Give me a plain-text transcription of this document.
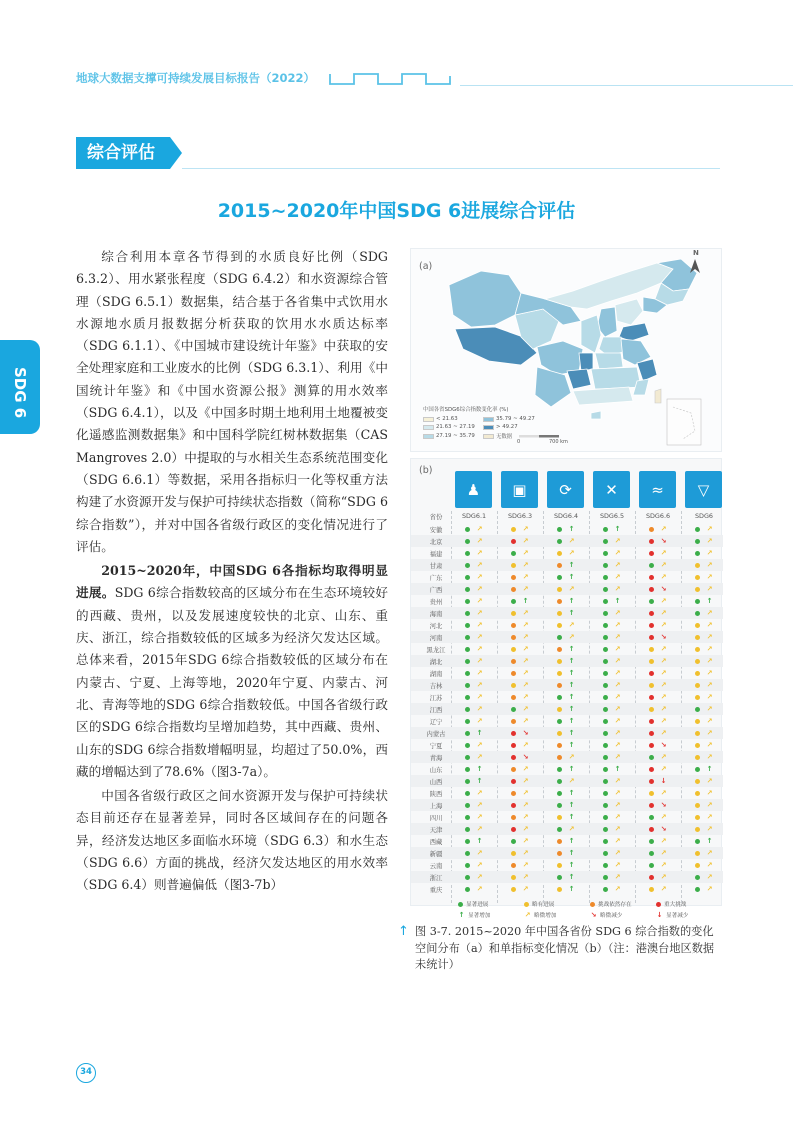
地球大数据支撑可持续发展目标报告（2022）
综合评估
SDG 6
2015~2020年中国SDG 6进展综合评估

综合利用本章各节得到的水质良好比例（SDG 6.3.2）、用水紧张程度（SDG 6.4.2）和水资源综合管理（SDG 6.5.1）数据集，结合基于各省集中式饮用水水源地水质月报数据分析获取的饮用水水质达标率（SDG 6.1.1）、《中国城市建设统计年鉴》中获取的安全处理家庭和工业废水的比例（SDG 6.3.1）、利用《中国统计年鉴》和《中国水资源公报》测算的用水效率（SDG 6.4.1），以及《中国多时期土地利用土地覆被变化遥感监测数据集》和中国科学院红树林数据集（CAS Mangroves 2.0）中提取的与水相关生态系统范围变化（SDG 6.6.1）等数据，采用各指标归一化等权重方法构建了水资源开发与保护可持续状态指数（简称“SDG 6综合指数”），并对中国各省级行政区的变化情况进行了评估。

2015~2020年，中国SDG 6各指标均取得明显进展。SDG 6综合指数较高的区域分布在生态环境较好的西藏、贵州，以及发展速度较快的北京、山东、重庆、浙江，综合指数较低的区域多为经济欠发达区域。总体来看，2015年SDG 6综合指数较低的区域分布在内蒙古、宁夏、上海等地，2020年宁夏、内蒙古、河北、青海等地的SDG 6综合指数较低。中国各省级行政区的SDG 6综合指数均呈增加趋势，其中西藏、贵州、山东的SDG 6综合指数增幅明显，均超过了50.0%，西藏的增幅达到了78.6%（图3-7a）。

中国各省级行政区之间水资源开发与保护可持续状态目前还存在显著差异，同时各区域间存在的问题各异，经济发达地区多面临水环境（SDG 6.3）和水生态（SDG 6.6）方面的挑战，经济欠发达地区的用水效率（SDG 6.4）则普遍偏低（图3-7b）

(a)
N
中国各省SDG6综合指数变化率 (%)
< 21.63	35.79 ~ 49.27
21.63 ~ 27.19	> 49.27
27.19 ~ 35.79	无数据
0	700 km
(b)
♟	▣	⟳	✕	≈	▽
省份	SDG6.1	SDG6.3	SDG6.4	SDG6.5	SDG6.6	SDG6
安徽	↗	↗	↑	↑	↗	↗
北京	↗	↗	↗	↗	↘	↗
福建	↗	↗	↗	↗	↗	↗
甘肃	↗	↗	↑	↗	↗	↗
广东	↗	↗	↑	↗	↗	↗
广西	↗	↗	↗	↗	↘	↗
贵州	↗	↑	↑	↑	↗	↑
海南	↗	↗	↑	↗	↗	↗
河北	↗	↗	↗	↗	↗	↗
河南	↗	↗	↗	↗	↘	↗
黑龙江	↗	↗	↑	↗	↗	↗
湖北	↗	↗	↑	↗	↗	↗
湖南	↗	↗	↑	↗	↗	↗
吉林	↗	↗	↑	↗	↗	↗
江苏	↗	↗	↑	↗	↗	↗
江西	↗	↗	↑	↗	↗	↗
辽宁	↗	↗	↑	↗	↗	↗
内蒙古	↑	↘	↑	↗	↗	↗
宁夏	↗	↗	↑	↗	↘	↗
青海	↗	↘	↗	↗	↗	↗
山东	↑	↗	↑	↑	↗	↑
山西	↑	↗	↗	↗	↓	↗
陕西	↗	↗	↑	↗	↗	↗
上海	↗	↗	↑	↗	↘	↗
四川	↗	↗	↑	↗	↗	↗
天津	↗	↗	↗	↗	↘	↗
西藏	↑	↗	↑	↗	↗	↑
新疆	↗	↗	↑	↗	↗	↗
云南	↗	↗	↑	↗	↗	↗
浙江	↗	↗	↑	↗	↗	↗
重庆	↗	↗	↑	↗	↗	↗
显著进展	略有进展	挑战依然存在	重大挑战
↑ 显著增加	↗ 略微增加	↘ 略微减少	↓ 显著减少
↑ 图 3-7. 2015~2020 年中国各省份 SDG 6 综合指数的变化空间分布（a）和单指标变化情况（b）（注：港澳台地区数据未统计）
34
